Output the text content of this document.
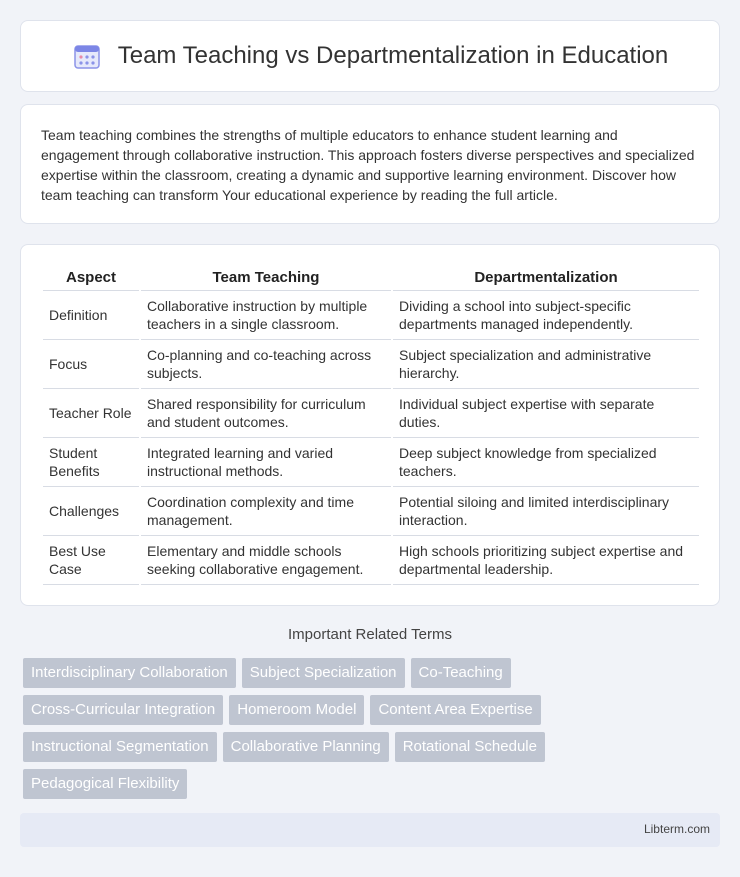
Team Teaching vs Departmentalization in Education

Team teaching combines the strengths of multiple educators to enhance student learning and engagement through collaborative instruction. This approach fosters diverse perspectives and specialized expertise within the classroom, creating a dynamic and supportive learning environment. Discover how team teaching can transform Your educational experience by reading the full article.

Aspect	Team Teaching	Departmentalization
Definition	Collaborative instruction by multiple teachers in a single classroom.	Dividing a school into subject-specific departments managed independently.
Focus	Co-planning and co-teaching across subjects.	Subject specialization and administrative hierarchy.
Teacher Role	Shared responsibility for curriculum and student outcomes.	Individual subject expertise with separate duties.
Student Benefits	Integrated learning and varied instructional methods.	Deep subject knowledge from specialized teachers.
Challenges	Coordination complexity and time management.	Potential siloing and limited interdisciplinary interaction.
Best Use Case	Elementary and middle schools seeking collaborative engagement.	High schools prioritizing subject expertise and departmental leadership.
Important Related Terms
Interdisciplinary Collaboration	Subject Specialization	Co-Teaching
Cross-Curricular Integration	Homeroom Model	Content Area Expertise
Instructional Segmentation	Collaborative Planning	Rotational Schedule
Pedagogical Flexibility
Libterm.com
